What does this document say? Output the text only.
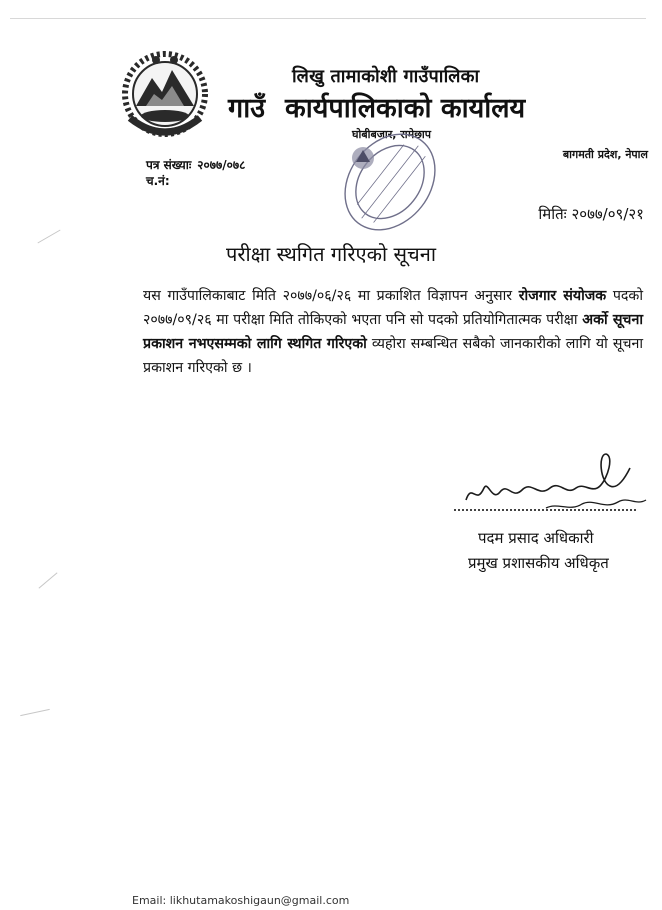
लिखु तामाकोशी गाउँपालिका
गाउँ कार्यपालिकाको कार्यालय
घोबीबजार, रामेछाप
बागमती प्रदेश, नेपाल
पत्र संख्याः २०७७/०७८
च.नं:
मितिः २०७७/०९/२१
परीक्षा स्थगित गरिएको सूचना
यस गाउँपालिकाबाट मिति २०७७/०६/२६ मा प्रकाशित विज्ञापन अनुसार रोजगार संयोजक पदको २०७७/०९/२६ मा परीक्षा मिति तोकिएको भएता पनि सो पदको प्रतियोगितात्मक परीक्षा अर्को सूचना प्रकाशन नभएसम्मको लागि स्थगित गरिएको व्यहोरा सम्बन्धित सबैको जानकारीको लागि यो सूचना प्रकाशन गरिएको छ ।
पदम प्रसाद अधिकारी
प्रमुख प्रशासकीय अधिकृत
Email: likhutamakoshigaun@gmail.com
